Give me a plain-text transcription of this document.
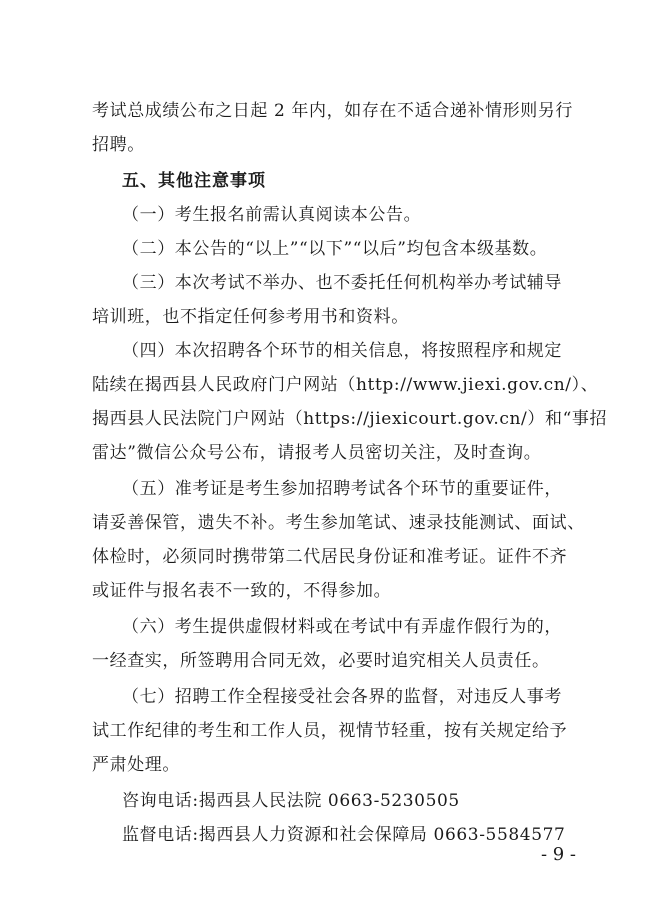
考试总成绩公布之日起 2 年内，如存在不适合递补情形则另行
招聘。
五、其他注意事项
（一）考生报名前需认真阅读本公告。
（二）本公告的“以上”“以下”“以后”均包含本级基数。
（三）本次考试不举办、也不委托任何机构举办考试辅导
培训班，也不指定任何参考用书和资料。
（四）本次招聘各个环节的相关信息，将按照程序和规定
陆续在揭西县人民政府门户网站（http://www.jiexi.gov.cn/）、
揭西县人民法院门户网站（https://jiexicourt.gov.cn/）和“事招
雷达”微信公众号公布，请报考人员密切关注，及时查询。
（五）准考证是考生参加招聘考试各个环节的重要证件，
请妥善保管，遗失不补。考生参加笔试、速录技能测试、面试、
体检时，必须同时携带第二代居民身份证和准考证。证件不齐
或证件与报名表不一致的，不得参加。
（六）考生提供虚假材料或在考试中有弄虚作假行为的，
一经查实，所签聘用合同无效，必要时追究相关人员责任。
（七）招聘工作全程接受社会各界的监督，对违反人事考
试工作纪律的考生和工作人员，视情节轻重，按有关规定给予
严肃处理。
咨询电话:揭西县人民法院 0663-5230505
监督电话:揭西县人力资源和社会保障局 0663-5584577
- 9 -
